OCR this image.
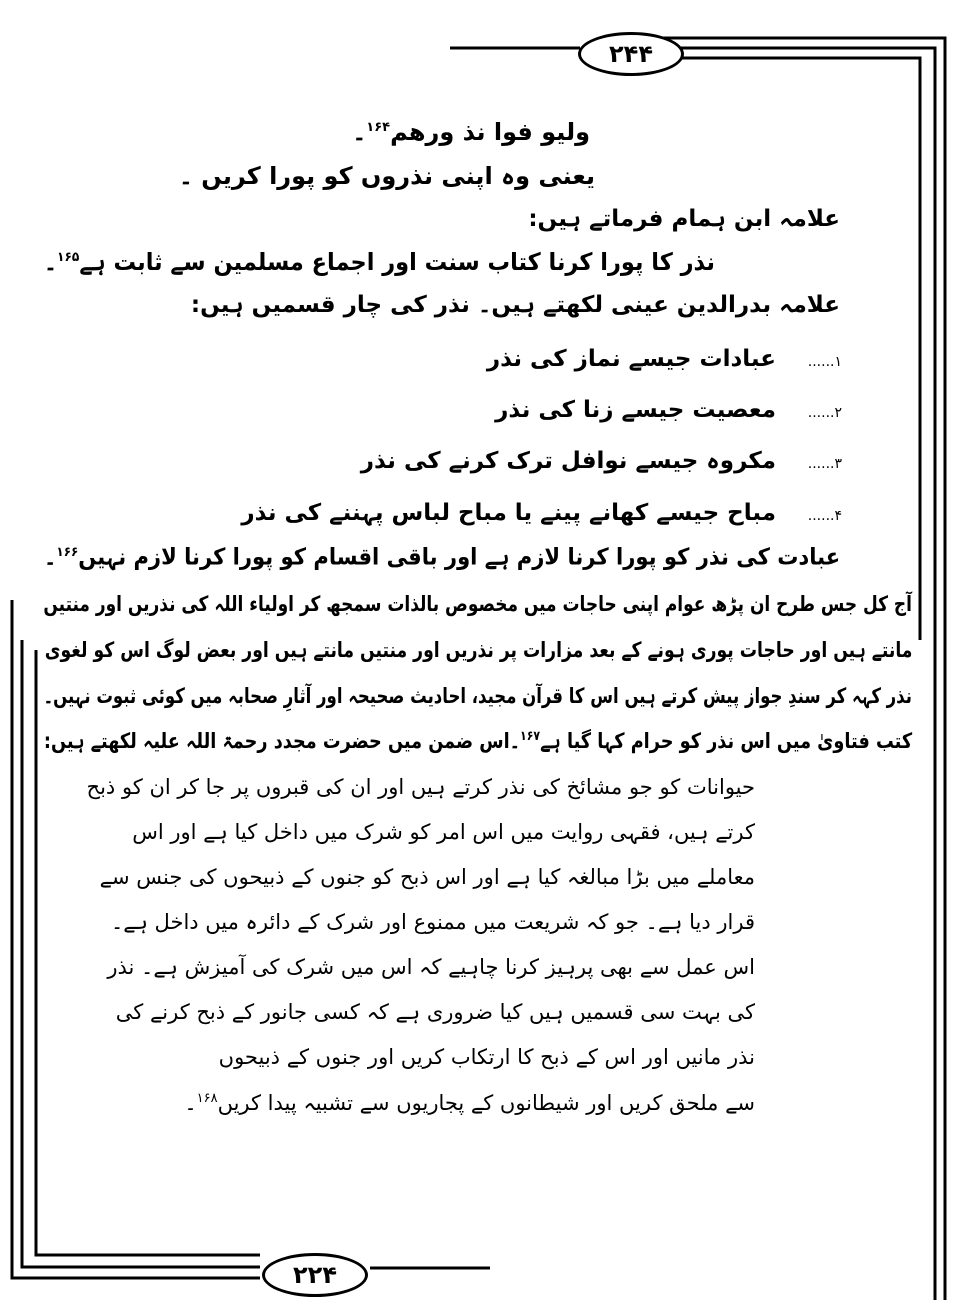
۲۴۴
۲۲۴
ولیو فوا نذ ورھم$^{۱۶۴}$۔
یعنی وہ اپنی نذروں کو پورا کریں ۔
علامہ ابن ہمام فرماتے ہیں:
نذر کا پورا کرنا کتاب سنت اور اجماع مسلمین سے ثابت ہے$^{۱۶۵}$۔
علامہ بدرالدین عینی لکھتے ہیں۔ نذر کی چار قسمیں ہیں:
۱......عبادات جیسے نماز کی نذر
۲......معصیت جیسے زنا کی نذر
۳......مکروہ جیسے نوافل ترک کرنے کی نذر
۴......مباح جیسے کھانے پینے یا مباح لباس پہننے کی نذر
عبادت کی نذر کو پورا کرنا لازم ہے اور باقی اقسام کو پورا کرنا لازم نہیں$^{۱۶۶}$۔
آج کل جس طرح ان پڑھ عوام اپنی حاجات میں مخصوص بالذات سمجھ کر اولیاء اللہ کی نذریں اور منتیں
مانتے ہیں اور حاجات پوری ہونے کے بعد مزارات پر نذریں اور منتیں مانتے ہیں اور بعض لوگ اس کو لغوی
نذر کہہ کر سندِ جواز پیش کرتے ہیں اس کا قرآن مجید، احادیث صحیحہ اور آثارِ صحابہ میں کوئی ثبوت نہیں۔
کتب فتاویٰ میں اس نذر کو حرام کہا گیا ہے$^{۱۶۷}$۔اس ضمن میں حضرت مجدد رحمۃ اللہ علیہ لکھتے ہیں:
حیوانات کو جو مشائخ کی نذر کرتے ہیں اور ان کی قبروں پر جا کر ان کو ذبح
کرتے ہیں، فقہی روایت میں اس امر کو شرک میں داخل کیا ہے اور اس
معاملے میں بڑا مبالغہ کیا ہے اور اس ذبح کو جنوں کے ذبیحوں کی جنس سے
قرار دیا ہے۔ جو کہ شریعت میں ممنوع اور شرک کے دائرہ میں داخل ہے۔
اس عمل سے بھی پرہیز کرنا چاہیے کہ اس میں شرک کی آمیزش ہے۔ نذر
کی بہت سی قسمیں ہیں کیا ضروری ہے کہ کسی جانور کے ذبح کرنے کی
نذر مانیں اور اس کے ذبح کا ارتکاب کریں اور جنوں کے ذبیحوں
سے ملحق کریں اور شیطانوں کے پجاریوں سے تشبیہ پیدا کریں$^{۱۶۸}$۔
